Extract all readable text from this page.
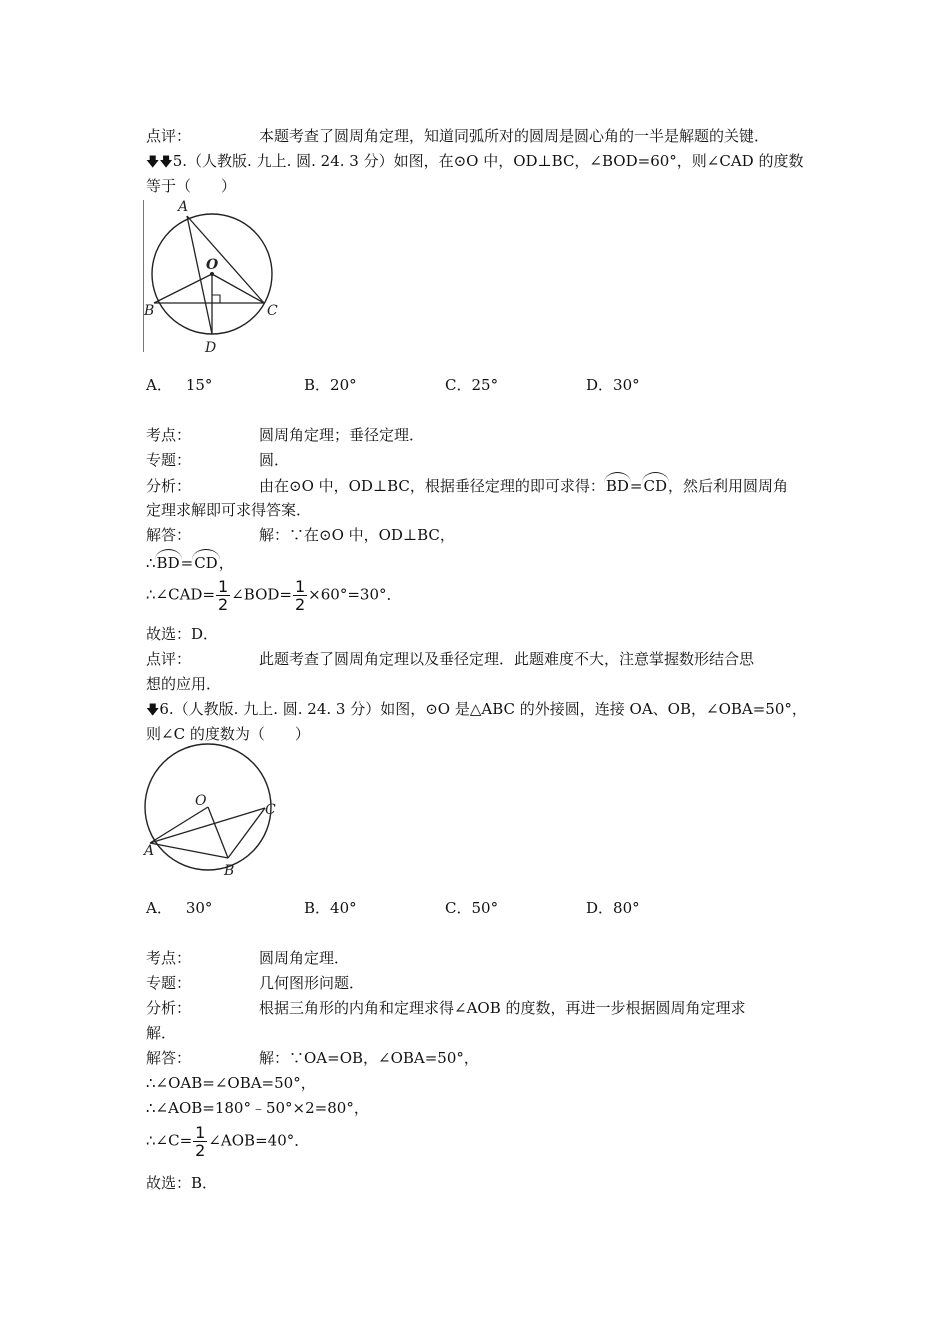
点评：	本题考查了圆周角定理，知道同弧所对的圆周是圆心角的一半是解题的关键．
🡇🡇5.（人教版. 九上. 圆. 24. 3 分）如图，在⊙O 中，OD⊥BC，∠BOD=60°，则∠CAD 的度数
等于（　　）
A
O
B	C
D
A． 15°	B．20°	C．25°	D．30°
考点：	圆周角定理；垂径定理．
专题：	圆．
分析：	由在⊙O 中，OD⊥BC，根据垂径定理的即可求得：BD=CD，然后利用圆周角
定理求解即可求得答案．
解答：	解：∵在⊙O 中，OD⊥BC，
∴BD=CD，
∴∠CAD= $\frac{1}{2}$ ∠BOD= $\frac{1}{2} \times 60^\circ=30^\circ$．
故选：D．
点评：	此题考查了圆周角定理以及垂径定理．此题难度不大，注意掌握数形结合思
想的应用．
🡇6.（人教版. 九上. 圆. 24. 3 分）如图，⊙O 是△ABC 的外接圆，连接 OA、OB，∠OBA=50°，
则∠C 的度数为（　　）
O
C
A
B
A． 30°	B．40°	C．50°	D．80°
考点：	圆周角定理．
专题：	几何图形问题．
分析：	根据三角形的内角和定理求得∠AOB 的度数，再进一步根据圆周角定理求
解．
解答：	解：∵OA=OB，∠OBA=50°，
∴∠OAB=∠OBA=50°，
∴∠AOB=180°﹣50°×2=80°，
∴∠C= $\frac{1}{2}$ ∠AOB=40°．
故选：B．
